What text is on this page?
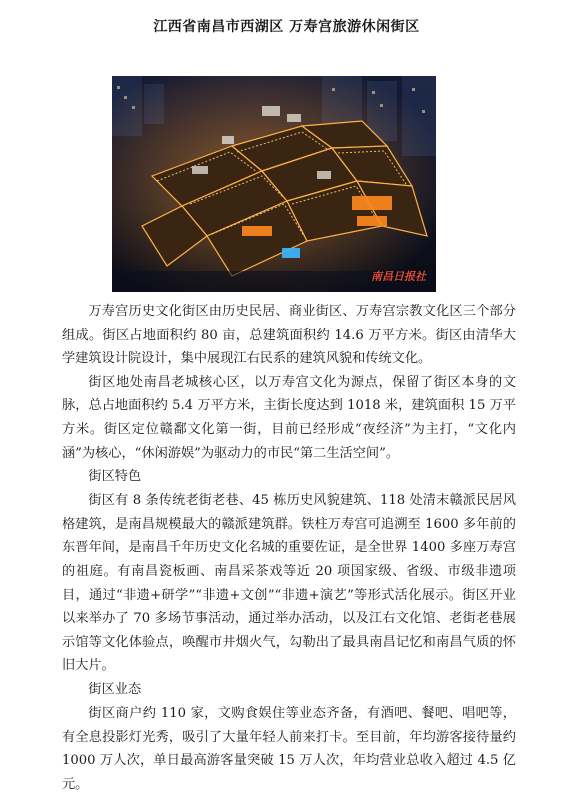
江西省南昌市西湖区 万寿宫旅游休闲街区
南昌日报社

万寿宫历史文化街区由历史民居、商业街区、万寿宫宗教文化区三个部分组成。街区占地面积约 80 亩，总建筑面积约 14.6 万平方米。街区由清华大学建筑设计院设计，集中展现江右民系的建筑风貌和传统文化。

街区地处南昌老城核心区，以万寿宫文化为源点，保留了街区本身的文脉，总占地面积约 5.4 万平方米，主街长度达到 1018 米，建筑面积 15 万平方米。街区定位赣鄱文化第一街，目前已经形成“夜经济”为主打，“文化内涵”为核心，“休闲游娱”为驱动力的市民“第二生活空间”。

街区特色

街区有 8 条传统老街老巷、45 栋历史风貌建筑、118 处清末赣派民居风格建筑，是南昌规模最大的赣派建筑群。铁柱万寿宫可追溯至 1600 多年前的东晋年间，是南昌千年历史文化名城的重要佐证，是全世界 1400 多座万寿宫的祖庭。有南昌瓷板画、南昌采茶戏等近 20 项国家级、省级、市级非遗项目，通过“非遗+研学”“非遗+文创”“非遗+演艺”等形式活化展示。街区开业以来举办了 70 多场节事活动，通过举办活动，以及江右文化馆、老街老巷展示馆等文化体验点，唤醒市井烟火气，勾勒出了最具南昌记忆和南昌气质的怀旧大片。

街区业态

街区商户约 110 家，文购食娱住等业态齐备，有酒吧、餐吧、唱吧等，有全息投影灯光秀，吸引了大量年轻人前来打卡。至目前，年均游客接待量约 1000 万人次，单日最高游客量突破 15 万人次，年均营业总收入超过 4.5 亿元。
